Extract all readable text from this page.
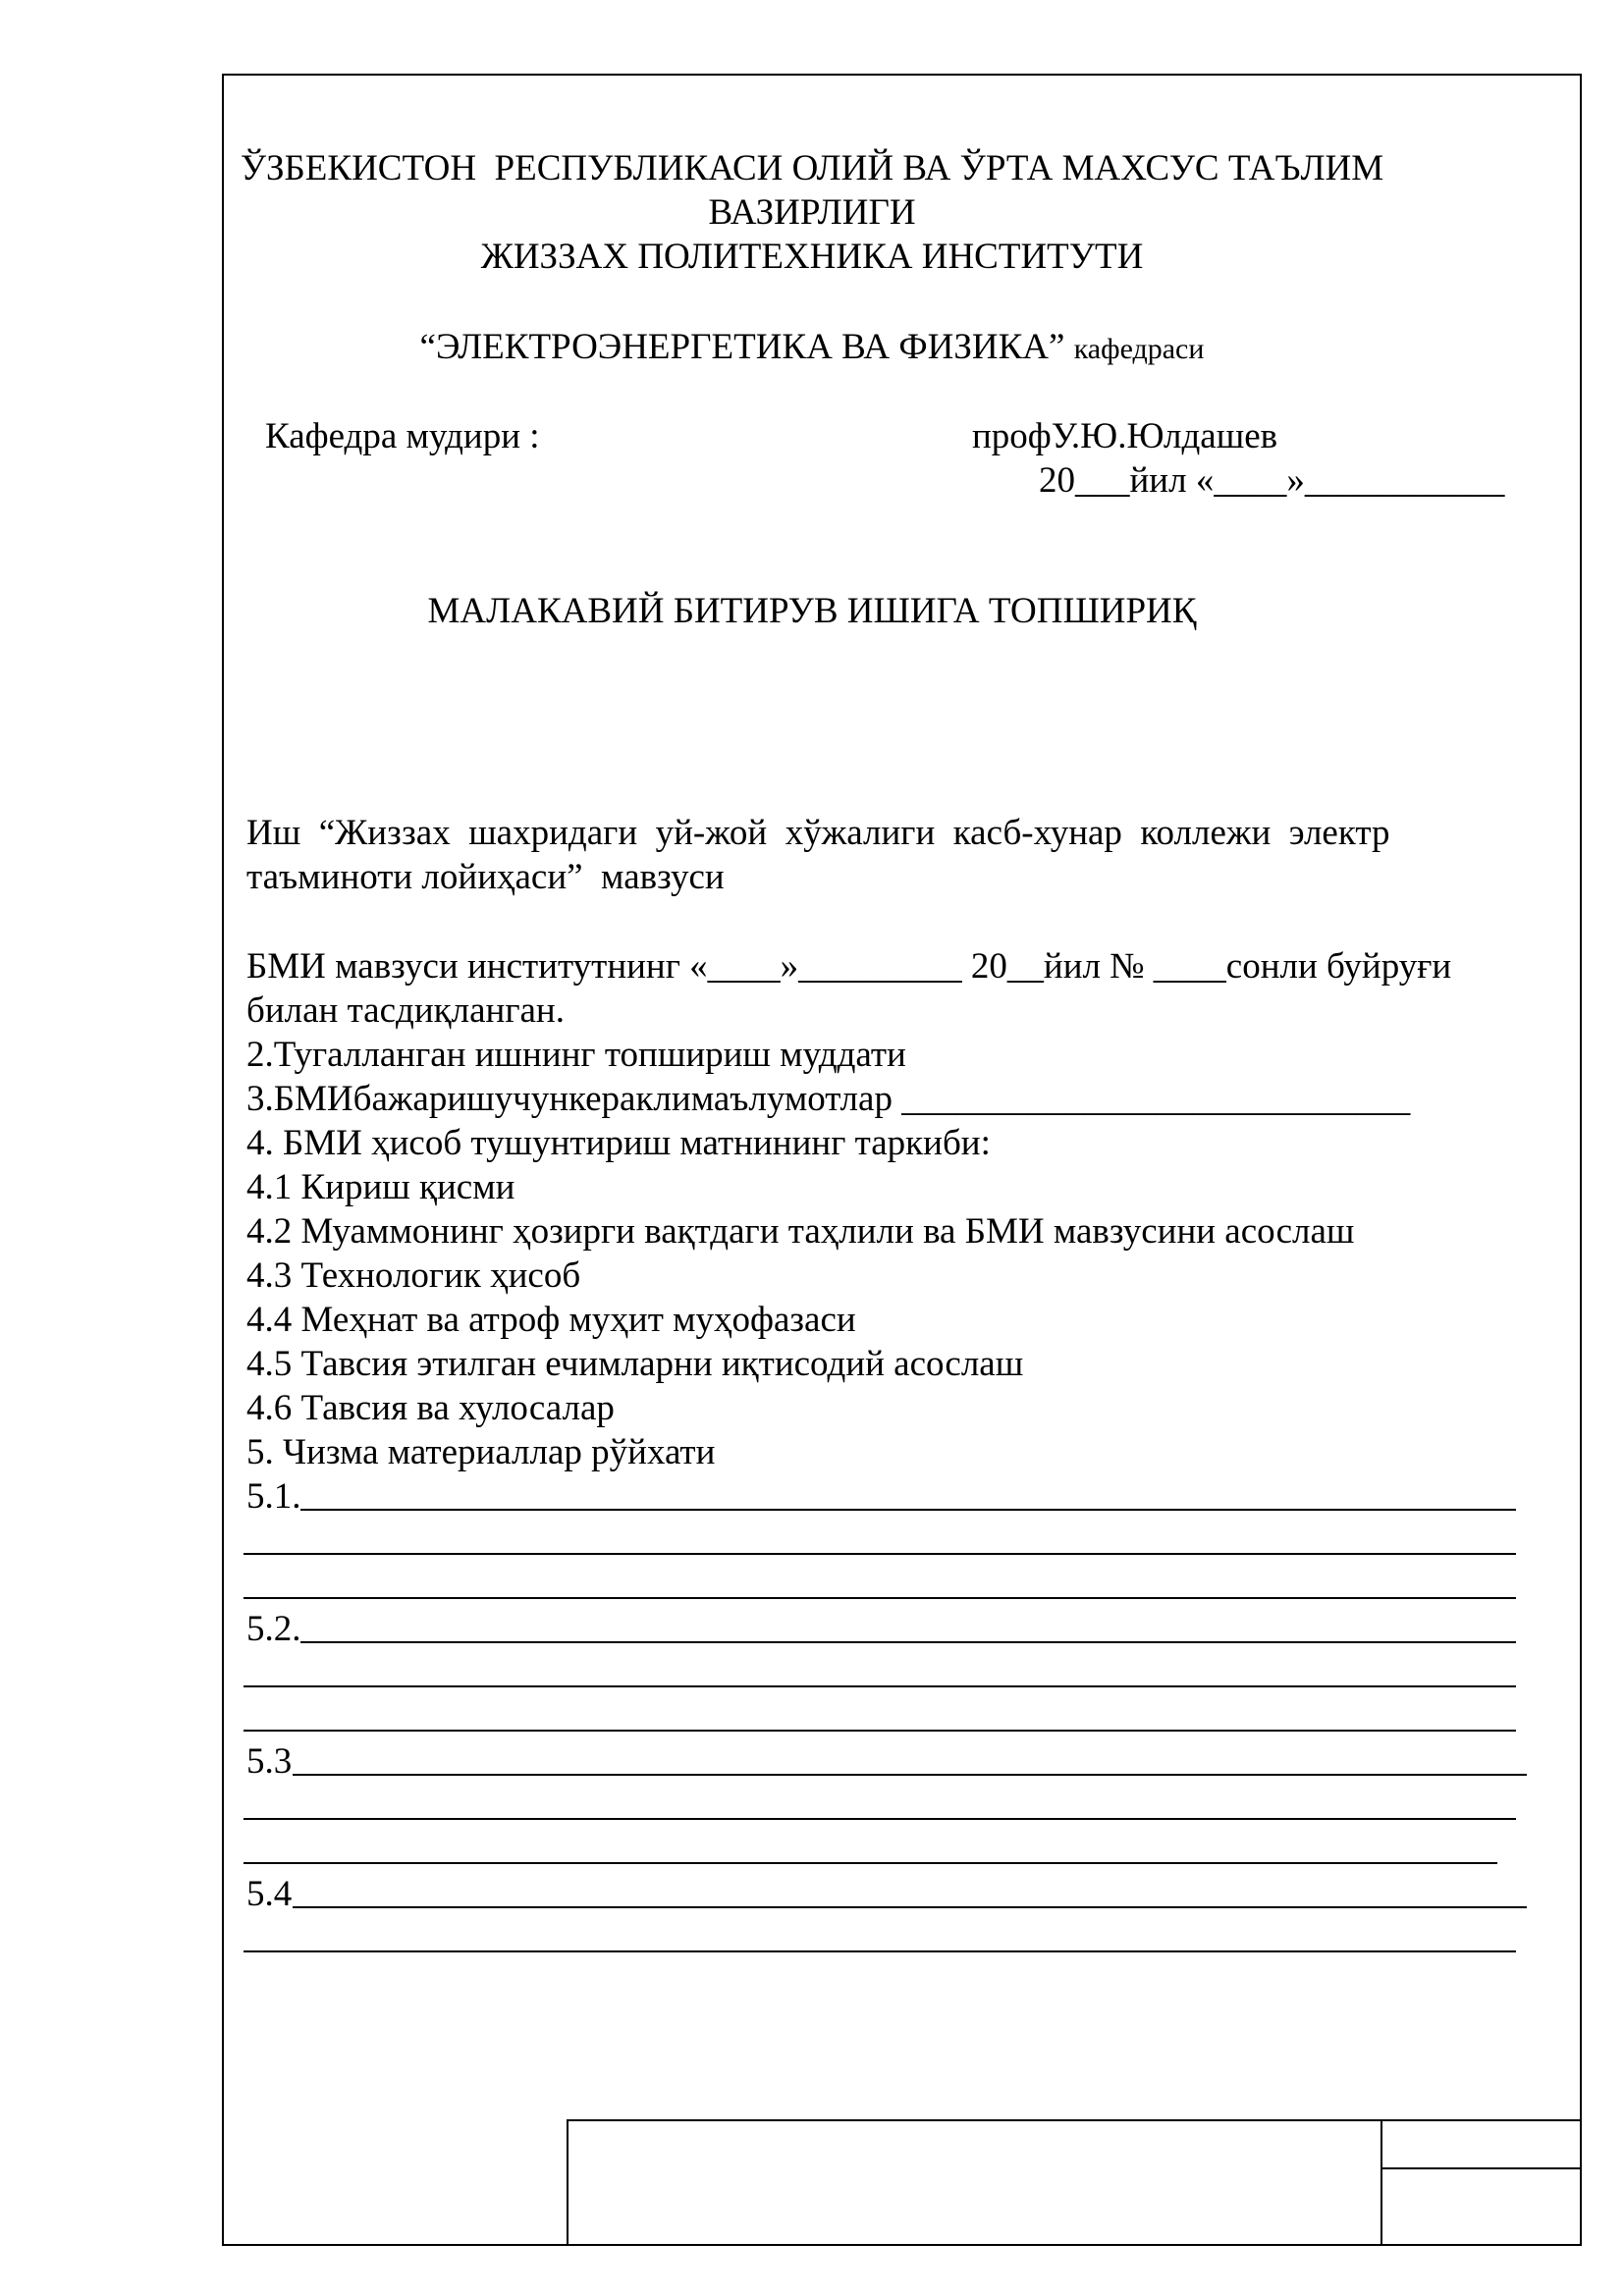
ЎЗБЕКИСТОН  РЕСПУБЛИКАСИ ОЛИЙ ВА ЎРТА МАХСУС ТАЪЛИМ
ВАЗИРЛИГИ
ЖИЗЗАХ ПОЛИТЕХНИКА ИНСТИТУТИ
“ЭЛЕКТРОЭНЕРГЕТИКА ВА ФИЗИКА” кафедраси
Кафедра мудири :	профУ.Ю.Юлдашев
20___йил «____»___________
МАЛАКАВИЙ БИТИРУВ ИШИГА ТОПШИРИҚ
Иш  “Жиззах  шахридаги  уй-жой  хўжалиги  касб-хунар  коллежи  электр
таъминоти лойиҳаси”  мавзуси
БМИ мавзуси институтнинг «____»_________ 20__йил № ____сонли буйруғи
билан тасдиқланган.
2.Тугалланган ишнинг топшириш муддати
3.БМИбажаришучункераклимаълумотлар ____________________________
4. БМИ ҳисоб тушунтириш матнининг таркиби:
4.1 Кириш қисми
4.2 Муаммонинг ҳозирги вақтдаги таҳлили ва БМИ мавзусини асослаш
4.3 Технологик ҳисоб
4.4 Меҳнат ва атроф муҳит муҳофазаси
4.5 Тавсия этилган ечимларни иқтисодий асослаш
4.6 Тавсия ва хулосалар
5. Чизма материаллар рўйхати
5.1.
5.2.
5.3
5.4
